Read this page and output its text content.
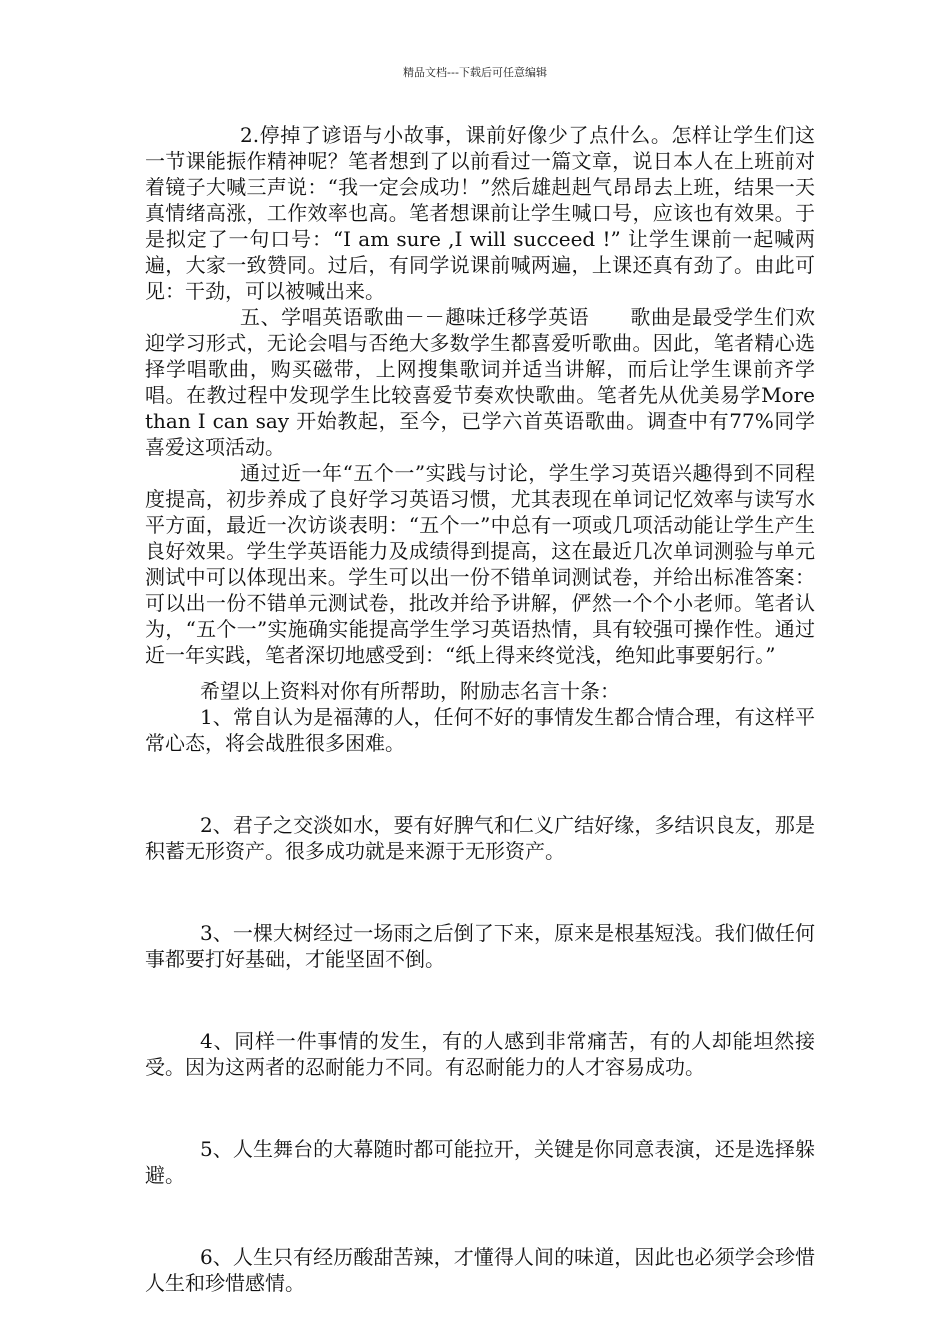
精品文档---下载后可任意编辑

2.停掉了谚语与小故事，课前好像少了点什么。怎样让学生们这一节课能振作精神呢？笔者想到了以前看过一篇文章，说日本人在上班前对着镜子大喊三声说：“我一定会成功！”然后雄赳赳气昂昂去上班，结果一天真情绪高涨，工作效率也高。笔者想课前让学生喊口号，应该也有效果。于是拟定了一句口号：“I am sure ,I will succeed !” 让学生课前一起喊两遍，大家一致赞同。过后，有同学说课前喊两遍，上课还真有劲了。由此可见：干劲，可以被喊出来。

五、学唱英语歌曲－－趣味迁移学英语　　歌曲是最受学生们欢迎学习形式，无论会唱与否绝大多数学生都喜爱听歌曲。因此，笔者精心选择学唱歌曲，购买磁带，上网搜集歌词并适当讲解，而后让学生课前齐学唱。在教过程中发现学生比较喜爱节奏欢快歌曲。笔者先从优美易学More than I can say 开始教起，至今，已学六首英语歌曲。调查中有77%同学喜爱这项活动。

通过近一年“五个一”实践与讨论，学生学习英语兴趣得到不同程度提高，初步养成了良好学习英语习惯，尤其表现在单词记忆效率与读写水平方面，最近一次访谈表明：“五个一”中总有一项或几项活动能让学生产生良好效果。学生学英语能力及成绩得到提高，这在最近几次单词测验与单元测试中可以体现出来。学生可以出一份不错单词测试卷，并给出标准答案：可以出一份不错单元测试卷，批改并给予讲解，俨然一个个小老师。笔者认为，“五个一”实施确实能提高学生学习英语热情，具有较强可操作性。通过近一年实践，笔者深切地感受到：“纸上得来终觉浅，绝知此事要躬行。”

希望以上资料对你有所帮助，附励志名言十条：

1、常自认为是福薄的人，任何不好的事情发生都合情合理，有这样平常心态，将会战胜很多困难。

2、君子之交淡如水，要有好脾气和仁义广结好缘，多结识良友，那是积蓄无形资产。很多成功就是来源于无形资产。

3、一棵大树经过一场雨之后倒了下来，原来是根基短浅。我们做任何事都要打好基础，才能坚固不倒。

4、同样一件事情的发生，有的人感到非常痛苦，有的人却能坦然接受。因为这两者的忍耐能力不同。有忍耐能力的人才容易成功。

5、人生舞台的大幕随时都可能拉开，关键是你同意表演，还是选择躲避。

6、人生只有经历酸甜苦辣，才懂得人间的味道，因此也必须学会珍惜人生和珍惜感情。
